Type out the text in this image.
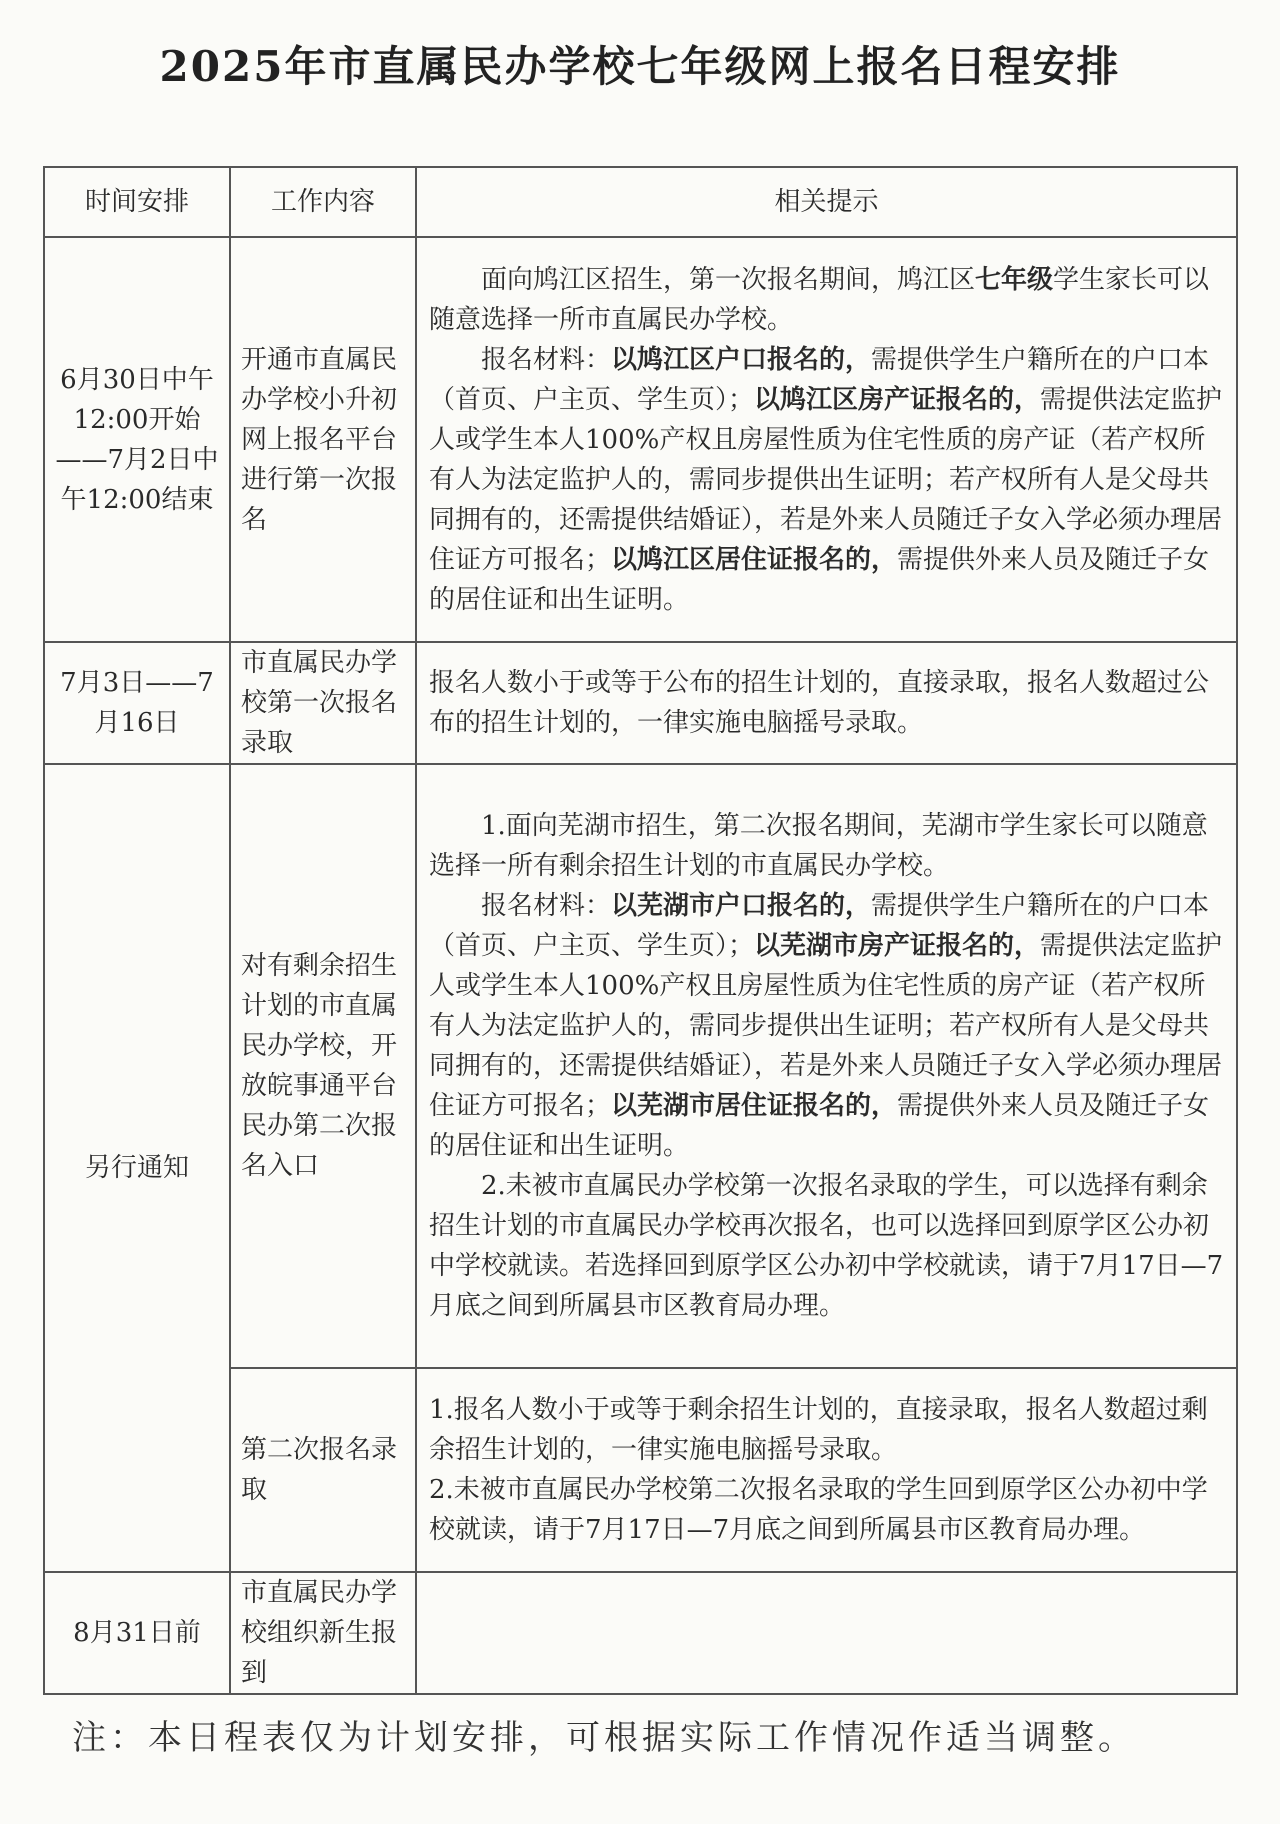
2025年市直属民办学校七年级网上报名日程安排
时间安排	工作内容	相关提示
6月30日中午12:00开始——7月2日中午12:00结束	开通市直属民办学校小升初网上报名平台进行第一次报名	面向鸠江区招生，第一次报名期间，鸠江区七年级学生家长可以随意选择一所市直属民办学校。

报名材料：以鸠江区户口报名的，需提供学生户籍所在的户口本（首页、户主页、学生页）；以鸠江区房产证报名的，需提供法定监护人或学生本人100%产权且房屋性质为住宅性质的房产证（若产权所有人为法定监护人的，需同步提供出生证明；若产权所有人是父母共同拥有的，还需提供结婚证），若是外来人员随迁子女入学必须办理居住证方可报名；以鸠江区居住证报名的，需提供外来人员及随迁子女的居住证和出生证明。

7月3日——7月16日	市直属民办学校第一次报名录取	报名人数小于或等于公布的招生计划的，直接录取，报名人数超过公布的招生计划的，一律实施电脑摇号录取。
另行通知	对有剩余招生计划的市直属民办学校，开放皖事通平台民办第二次报名入口	1.面向芜湖市招生，第二次报名期间，芜湖市学生家长可以随意选择一所有剩余招生计划的市直属民办学校。

报名材料：以芜湖市户口报名的，需提供学生户籍所在的户口本（首页、户主页、学生页）；以芜湖市房产证报名的，需提供法定监护人或学生本人100%产权且房屋性质为住宅性质的房产证（若产权所有人为法定监护人的，需同步提供出生证明；若产权所有人是父母共同拥有的，还需提供结婚证），若是外来人员随迁子女入学必须办理居住证方可报名；以芜湖市居住证报名的，需提供外来人员及随迁子女的居住证和出生证明。

2.未被市直属民办学校第一次报名录取的学生，可以选择有剩余招生计划的市直属民办学校再次报名，也可以选择回到原学区公办初中学校就读。若选择回到原学区公办初中学校就读，请于7月17日—7月底之间到所属县市区教育局办理。

	第二次报名录取	1.报名人数小于或等于剩余招生计划的，直接录取，报名人数超过剩余招生计划的，一律实施电脑摇号录取。

2.未被市直属民办学校第二次报名录取的学生回到原学区公办初中学校就读，请于7月17日—7月底之间到所属县市区教育局办理。

8月31日前	市直属民办学校组织新生报到	
注：本日程表仅为计划安排，可根据实际工作情况作适当调整。
